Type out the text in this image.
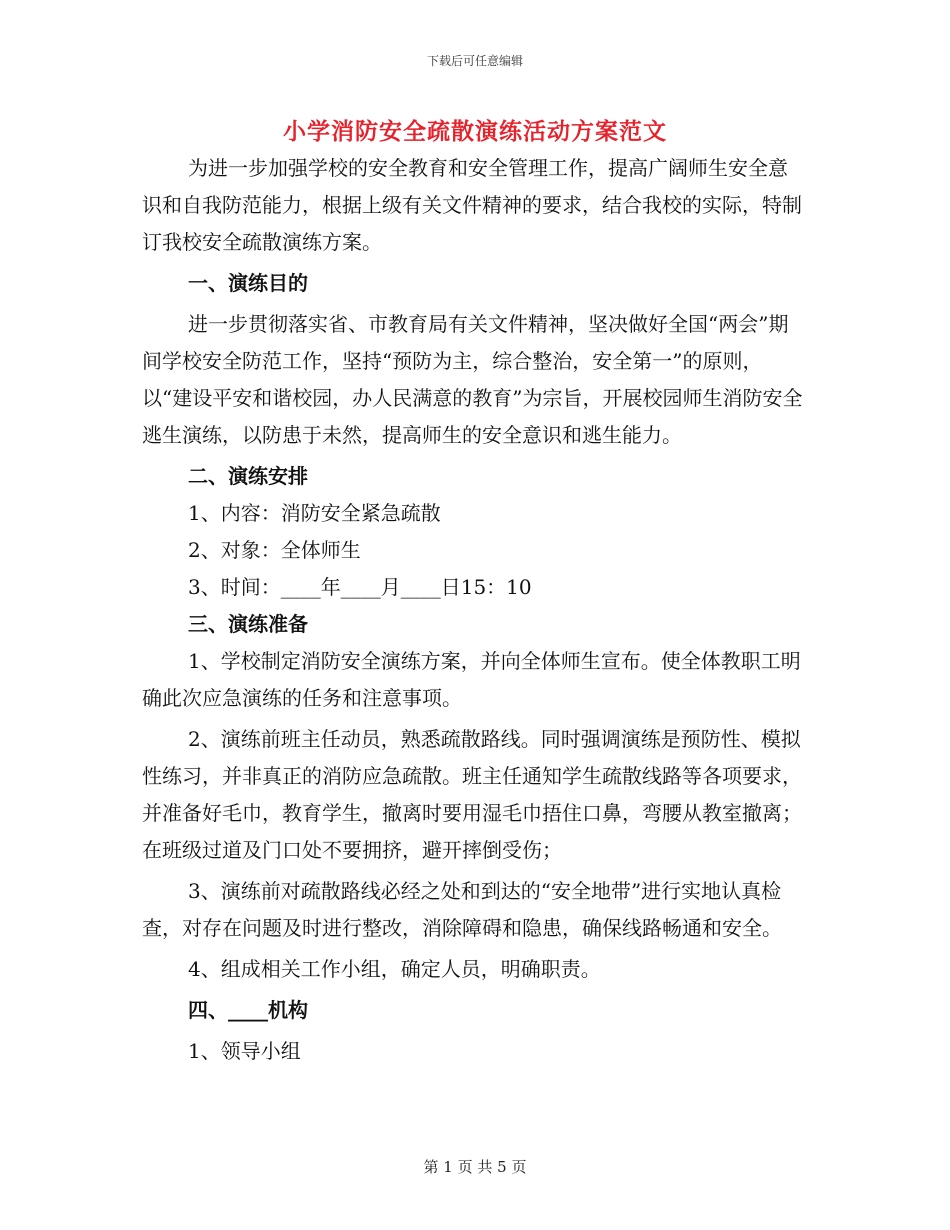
下载后可任意编辑
小学消防安全疏散演练活动方案范文

为进一步加强学校的安全教育和安全管理工作，提高广阔师生安全意识和自我防范能力，根据上级有关文件精神的要求，结合我校的实际，特制订我校安全疏散演练方案。

一、演练目的

进一步贯彻落实省、市教育局有关文件精神，坚决做好全国“两会”期间学校安全防范工作，坚持“预防为主，综合整治，安全第一”的原则，以“建设平安和谐校园，办人民满意的教育”为宗旨，开展校园师生消防安全逃生演练，以防患于未然，提高师生的安全意识和逃生能力。

二、演练安排

1、内容：消防安全紧急疏散

2、对象：全体师生

3、时间：____年____月____日15：10

三、演练准备

1、学校制定消防安全演练方案，并向全体师生宣布。使全体教职工明确此次应急演练的任务和注意事项。

2、演练前班主任动员，熟悉疏散路线。同时强调演练是预防性、模拟性练习，并非真正的消防应急疏散。班主任通知学生疏散线路等各项要求，并准备好毛巾，教育学生，撤离时要用湿毛巾捂住口鼻，弯腰从教室撤离；在班级过道及门口处不要拥挤，避开摔倒受伤；

3、演练前对疏散路线必经之处和到达的“安全地带”进行实地认真检查，对存在问题及时进行整改，消除障碍和隐患，确保线路畅通和安全。

4、组成相关工作小组，确定人员，明确职责。

四、____机构

1、领导小组

第 1 页 共 5 页
